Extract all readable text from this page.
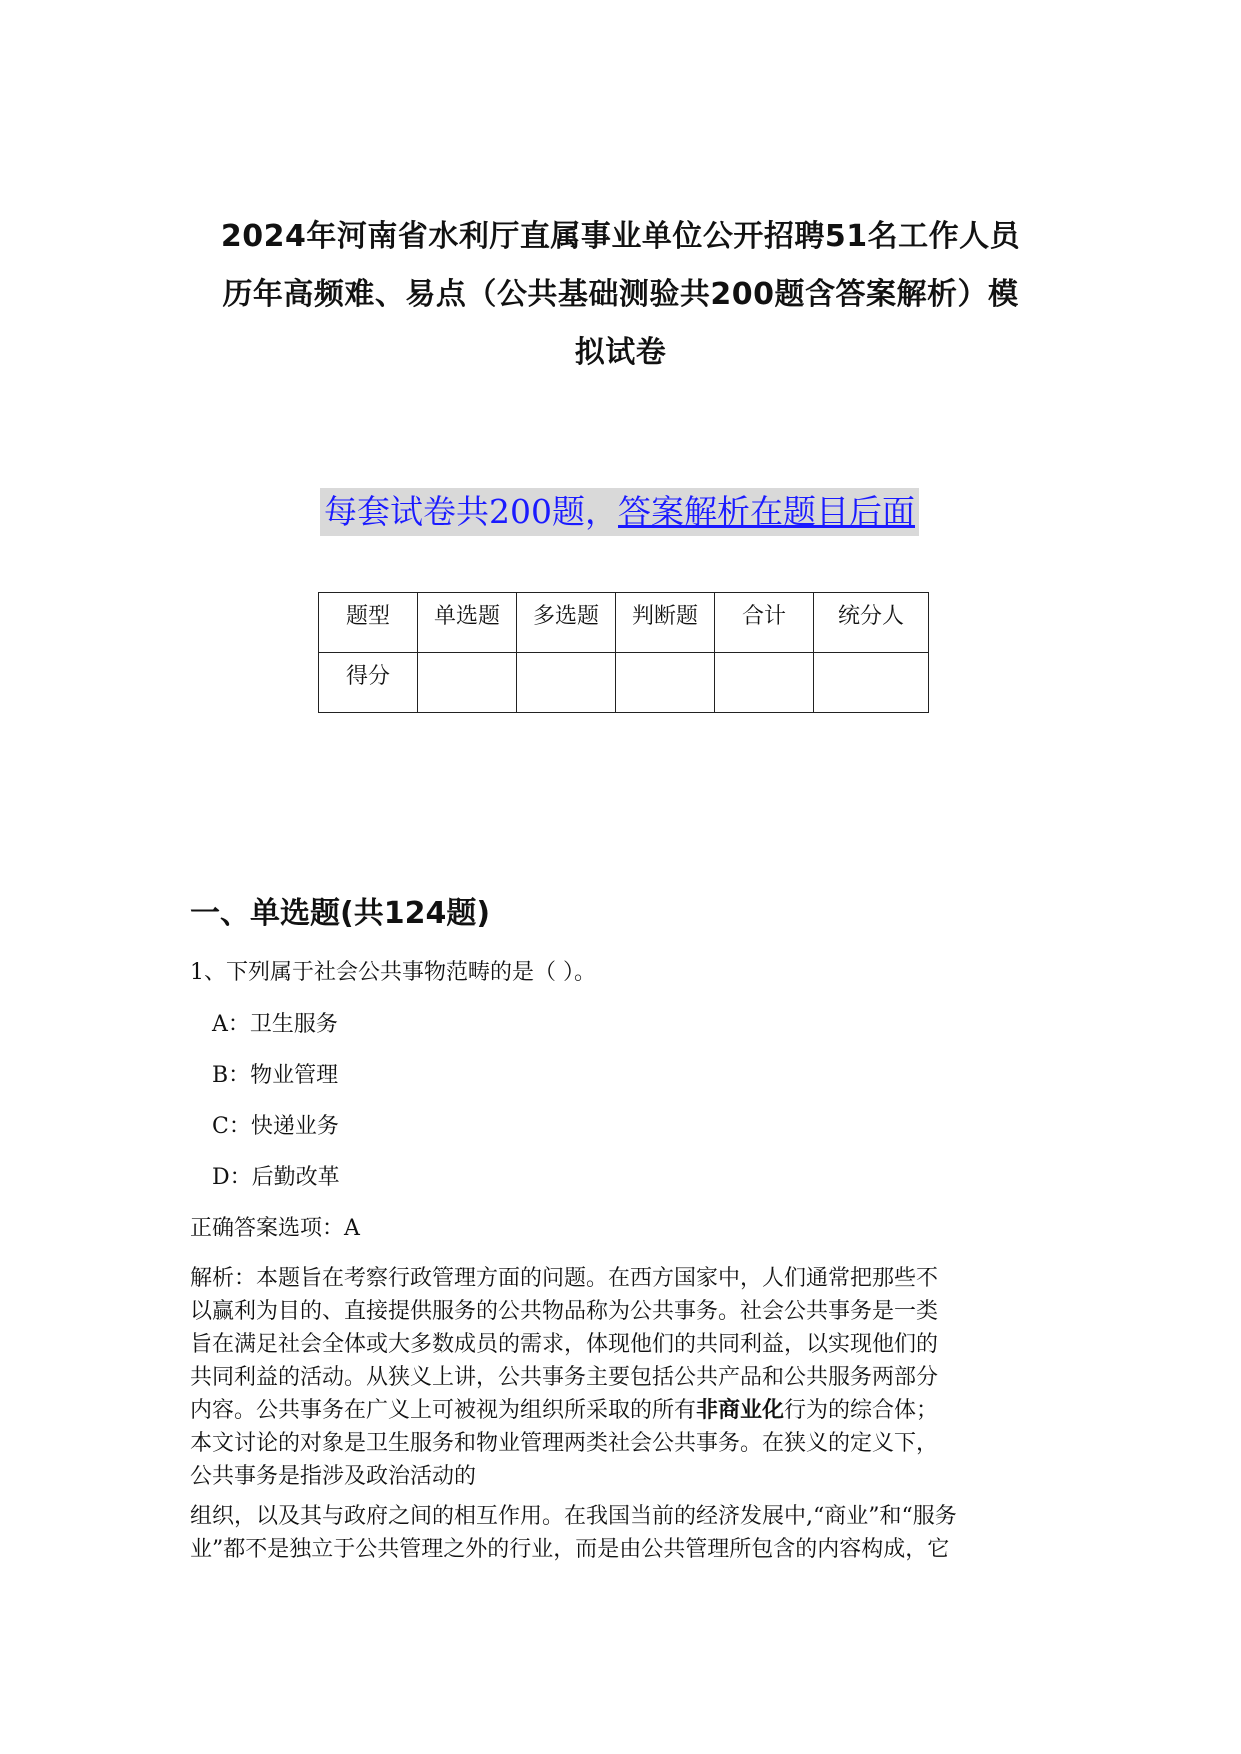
2024年河南省水利厅直属事业单位公开招聘51名工作人员
历年高频难、易点（公共基础测验共200题含答案解析）模
拟试卷
每套试卷共200题，答案解析在题目后面
题型	单选题	多选题	判断题	合计	统分人
得分					
一、单选题(共124题)
1、下列属于社会公共事物范畴的是（ ）。
A：卫生服务
B：物业管理
C：快递业务
D：后勤改革
正确答案选项：A
解析：本题旨在考察行政管理方面的问题。在西方国家中，人们通常把那些不
以赢利为目的、直接提供服务的公共物品称为公共事务。社会公共事务是一类
旨在满足社会全体或大多数成员的需求，体现他们的共同利益，以实现他们的
共同利益的活动。从狭义上讲，公共事务主要包括公共产品和公共服务两部分
内容。公共事务在广义上可被视为组织所采取的所有非商业化行为的综合体；
本文讨论的对象是卫生服务和物业管理两类社会公共事务。在狭义的定义下，
公共事务是指涉及政治活动的
组织，以及其与政府之间的相互作用。在我国当前的经济发展中,“商业”和“服务
业”都不是独立于公共管理之外的行业，而是由公共管理所包含的内容构成，它
